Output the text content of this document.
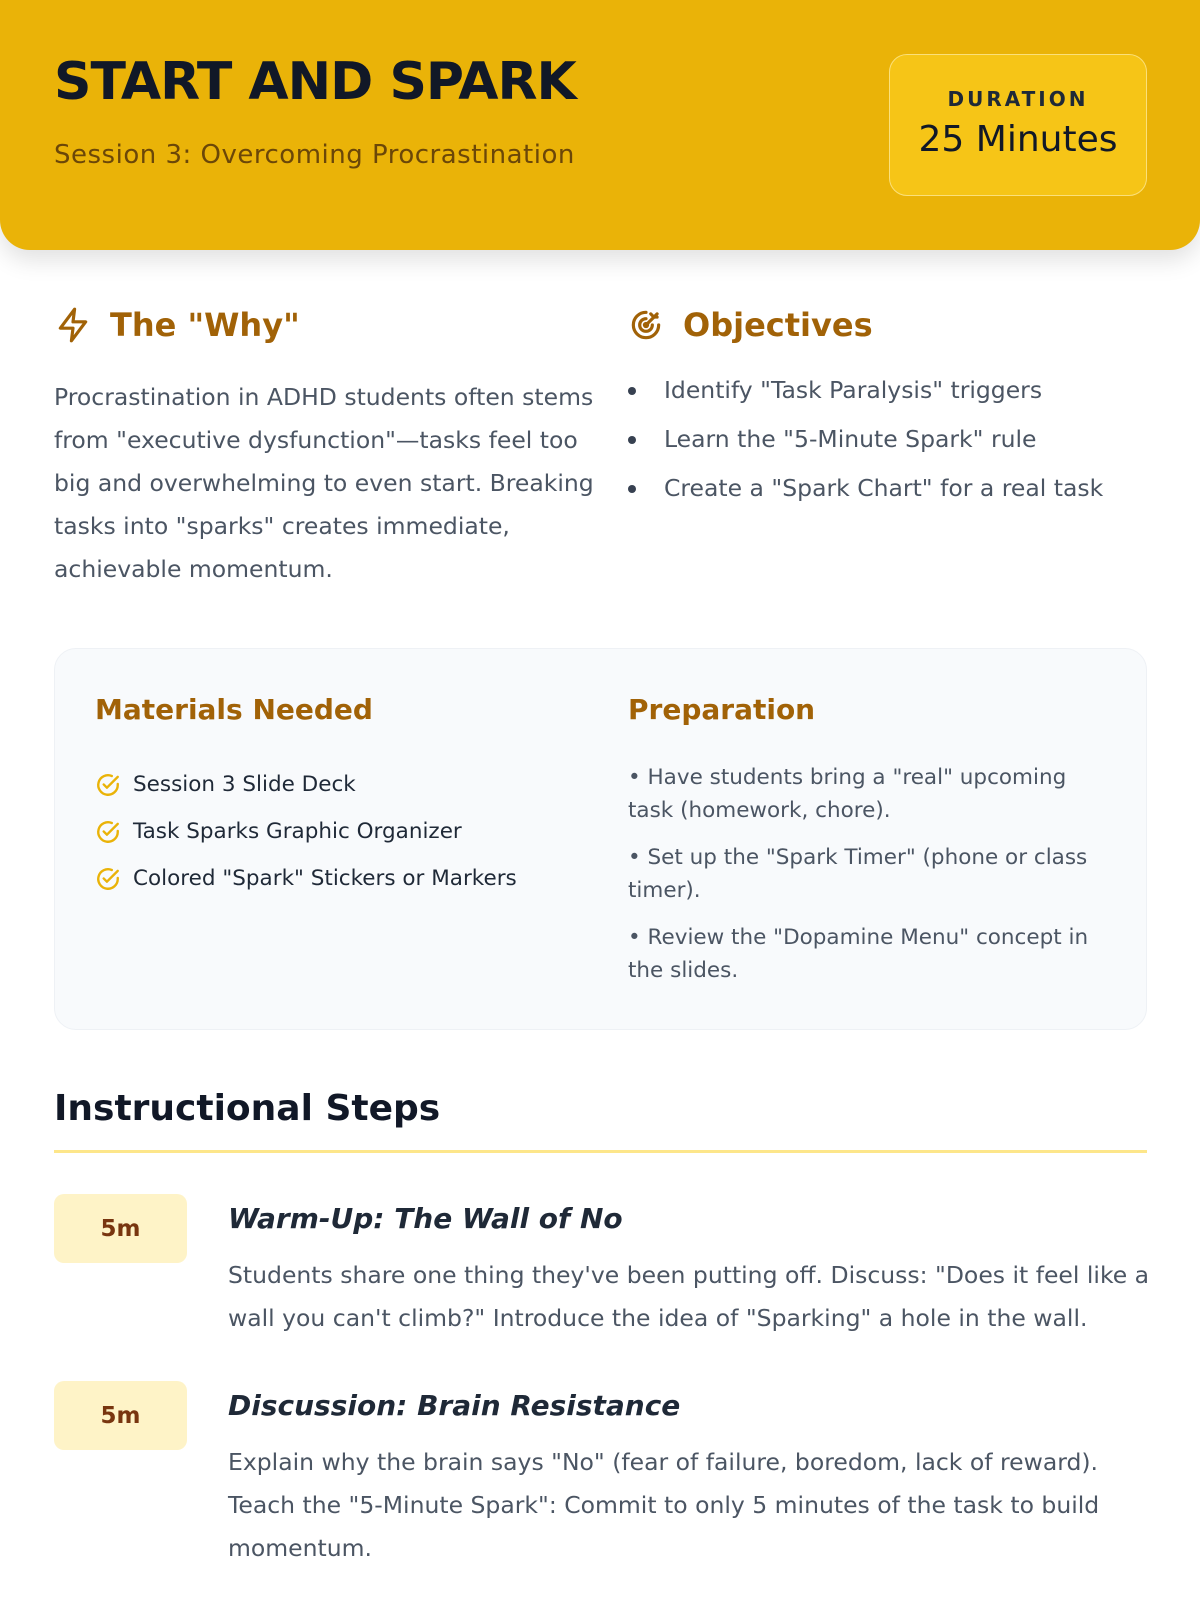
START AND SPARK
Session 3: Overcoming Procrastination
DURATION
25 Minutes
The "Why"

Procrastination in ADHD students often stems from "executive dysfunction"—tasks feel too big and overwhelming to even start. Breaking tasks into "sparks" creates immediate, achievable momentum.

Objectives
Identify "Task Paralysis" triggers
Learn the "5-Minute Spark" rule
Create a "Spark Chart" for a real task
Materials Needed
Session 3 Slide Deck
Task Sparks Graphic Organizer
Colored "Spark" Stickers or Markers
Preparation

• Have students bring a "real" upcoming task (homework, chore).

• Set up the "Spark Timer" (phone or class timer).

• Review the "Dopamine Menu" concept in the slides.

Instructional Steps
5m	Warm-Up: The Wall of No

Students share one thing they've been putting off. Discuss: "Does it feel like a wall you can't climb?" Introduce the idea of "Sparking" a hole in the wall.

5m	Discussion: Brain Resistance

Explain why the brain says "No" (fear of failure, boredom, lack of reward). Teach the "5-Minute Spark": Commit to only 5 minutes of the task to build momentum.
